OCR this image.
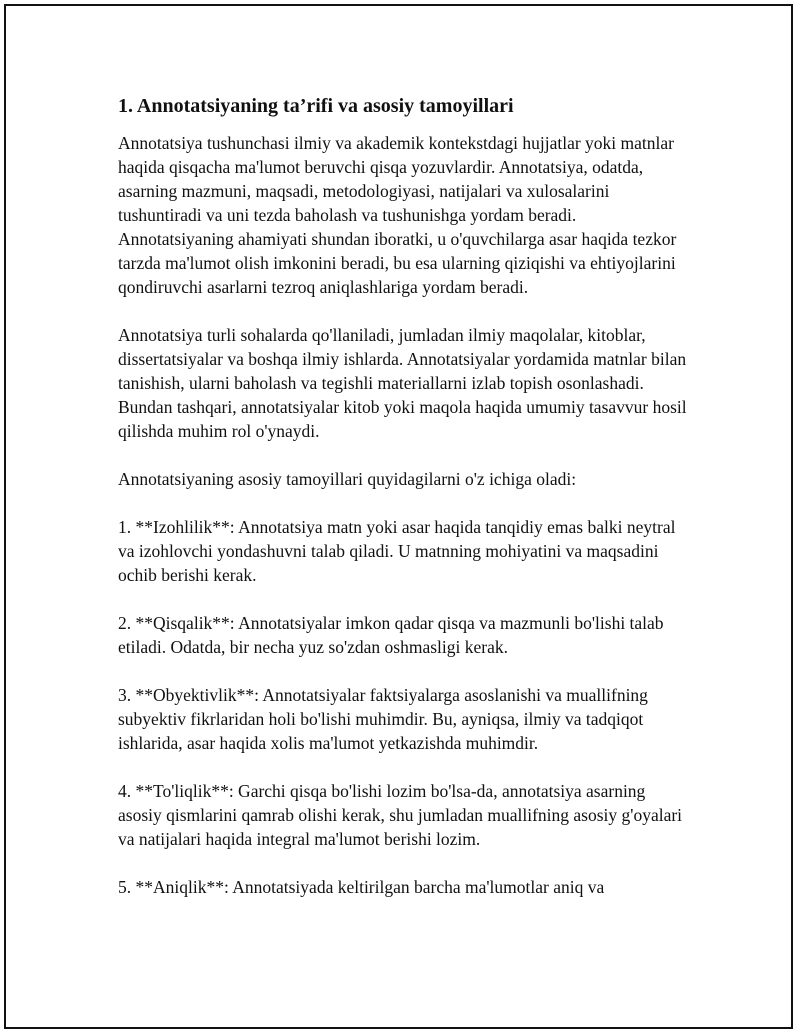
1. Annotatsiyaning ta’rifi va asosiy tamoyillari

Annotatsiya tushunchasi ilmiy va akademik kontekstdagi hujjatlar yoki matnlar haqida qisqacha ma'lumot beruvchi qisqa yozuvlardir. Annotatsiya, odatda, asarning mazmuni, maqsadi, metodologiyasi, natijalari va xulosalarini tushuntiradi va uni tezda baholash va tushunishga yordam beradi. Annotatsiyaning ahamiyati shundan iboratki, u o'quvchilarga asar haqida tezkor tarzda ma'lumot olish imkonini beradi, bu esa ularning qiziqishi va ehtiyojlarini qondiruvchi asarlarni tezroq aniqlashlariga yordam beradi.

Annotatsiya turli sohalarda qo'llaniladi, jumladan ilmiy maqolalar, kitoblar, dissertatsiyalar va boshqa ilmiy ishlarda. Annotatsiyalar yordamida matnlar bilan tanishish, ularni baholash va tegishli materiallarni izlab topish osonlashadi. Bundan tashqari, annotatsiyalar kitob yoki maqola haqida umumiy tasavvur hosil qilishda muhim rol o'ynaydi.

Annotatsiyaning asosiy tamoyillari quyidagilarni o'z ichiga oladi:

1. **Izohlilik**: Annotatsiya matn yoki asar haqida tanqidiy emas balki neytral va izohlovchi yondashuvni talab qiladi. U matnning mohiyatini va maqsadini ochib berishi kerak.

2. **Qisqalik**: Annotatsiyalar imkon qadar qisqa va mazmunli bo'lishi talab etiladi. Odatda, bir necha yuz so'zdan oshmasligi kerak.

3. **Obyektivlik**: Annotatsiyalar faktsiyalarga asoslanishi va muallifning subyektiv fikrlaridan holi bo'lishi muhimdir. Bu, ayniqsa, ilmiy va tadqiqot ishlarida, asar haqida xolis ma'lumot yetkazishda muhimdir.

4. **To'liqlik**: Garchi qisqa bo'lishi lozim bo'lsa-da, annotatsiya asarning asosiy qismlarini qamrab olishi kerak, shu jumladan muallifning asosiy g'oyalari va natijalari haqida integral ma'lumot berishi lozim.

5. **Aniqlik**: Annotatsiyada keltirilgan barcha ma'lumotlar aniq va
